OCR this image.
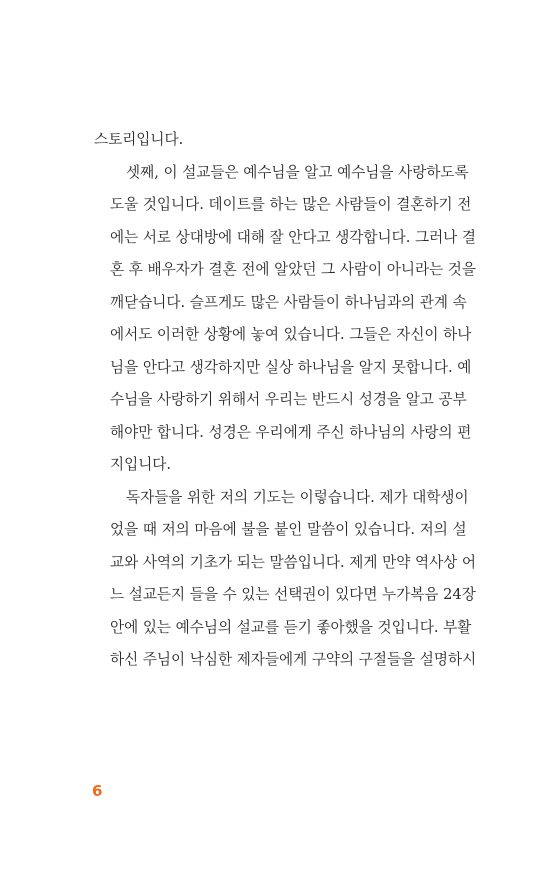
스토리입니다.

셋째, 이 설교들은 예수님을 알고 예수님을 사랑하도록
도울 것입니다. 데이트를 하는 많은 사람들이 결혼하기 전
에는 서로 상대방에 대해 잘 안다고 생각합니다. 그러나 결
혼 후 배우자가 결혼 전에 알았던 그 사람이 아니라는 것을
깨닫습니다. 슬프게도 많은 사람들이 하나님과의 관계 속
에서도 이러한 상황에 놓여 있습니다. 그들은 자신이 하나
님을 안다고 생각하지만 실상 하나님을 알지 못합니다. 예
수님을 사랑하기 위해서 우리는 반드시 성경을 알고 공부
해야만 합니다. 성경은 우리에게 주신 하나님의 사랑의 편
지입니다.

독자들을 위한 저의 기도는 이렇습니다. 제가 대학생이
었을 때 저의 마음에 불을 붙인 말씀이 있습니다. 저의 설
교와 사역의 기초가 되는 말씀입니다. 제게 만약 역사상 어
느 설교든지 들을 수 있는 선택권이 있다면 누가복음 24장
안에 있는 예수님의 설교를 듣기 좋아했을 것입니다. 부활
하신 주님이 낙심한 제자들에게 구약의 구절들을 설명하시

6
